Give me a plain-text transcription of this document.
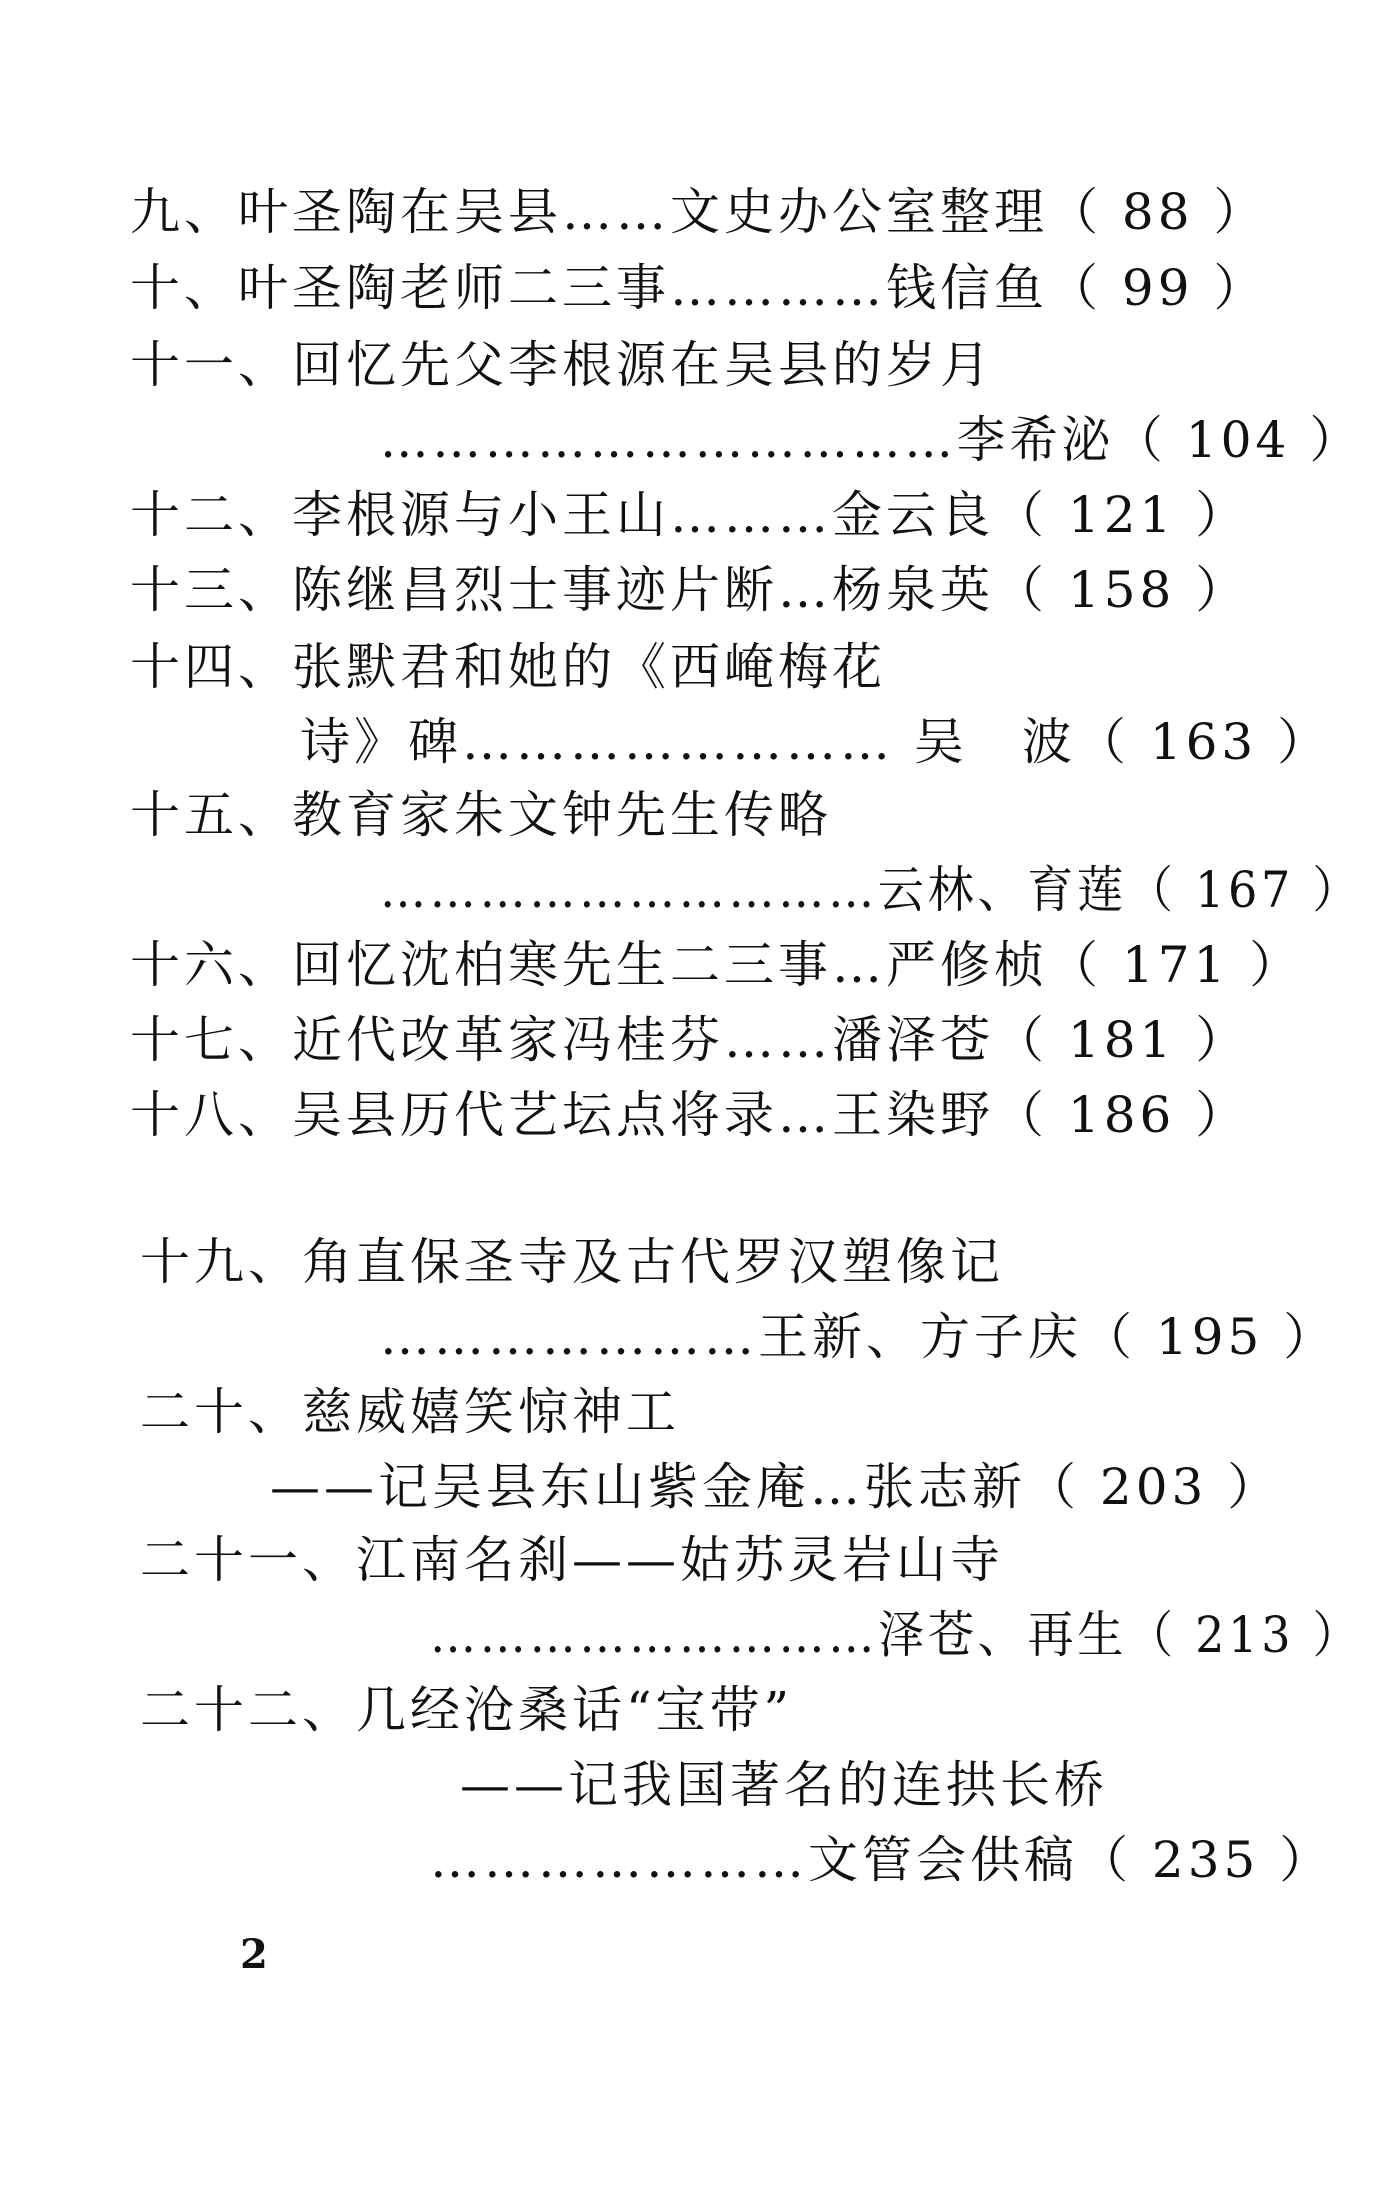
九、叶圣陶在吴县……文史办公室整理（ 88 ）
十、叶圣陶老师二三事…………钱信鱼（ 99 ）
十一、回忆先父李根源在吴县的岁月
……………………………李希泌（ 104 ）
十二、李根源与小王山………金云良（ 121 ）
十三、陈继昌烈士事迹片断…杨泉英（ 158 ）
十四、张默君和她的《西崦梅花
诗》碑…………………… 吴　波（ 163 ）
十五、教育家朱文钟先生传略
…………………………云林、育莲（ 167 ）
十六、回忆沈柏寒先生二三事…严修桢（ 171 ）
十七、近代改革家冯桂芬……潘泽苍（ 181 ）
十八、吴县历代艺坛点将录…王染野（ 186 ）
十九、角直保圣寺及古代罗汉塑像记
…………………王新、方子庆（ 195 ）
二十、慈威嬉笑惊神工
——记吴县东山紫金庵…张志新（ 203 ）
二十一、江南名刹——姑苏灵岩山寺
………………………泽苍、再生（ 213 ）
二十二、几经沧桑话“宝带”
——记我国著名的连拱长桥
…………………文管会供稿（ 235 ）
2
